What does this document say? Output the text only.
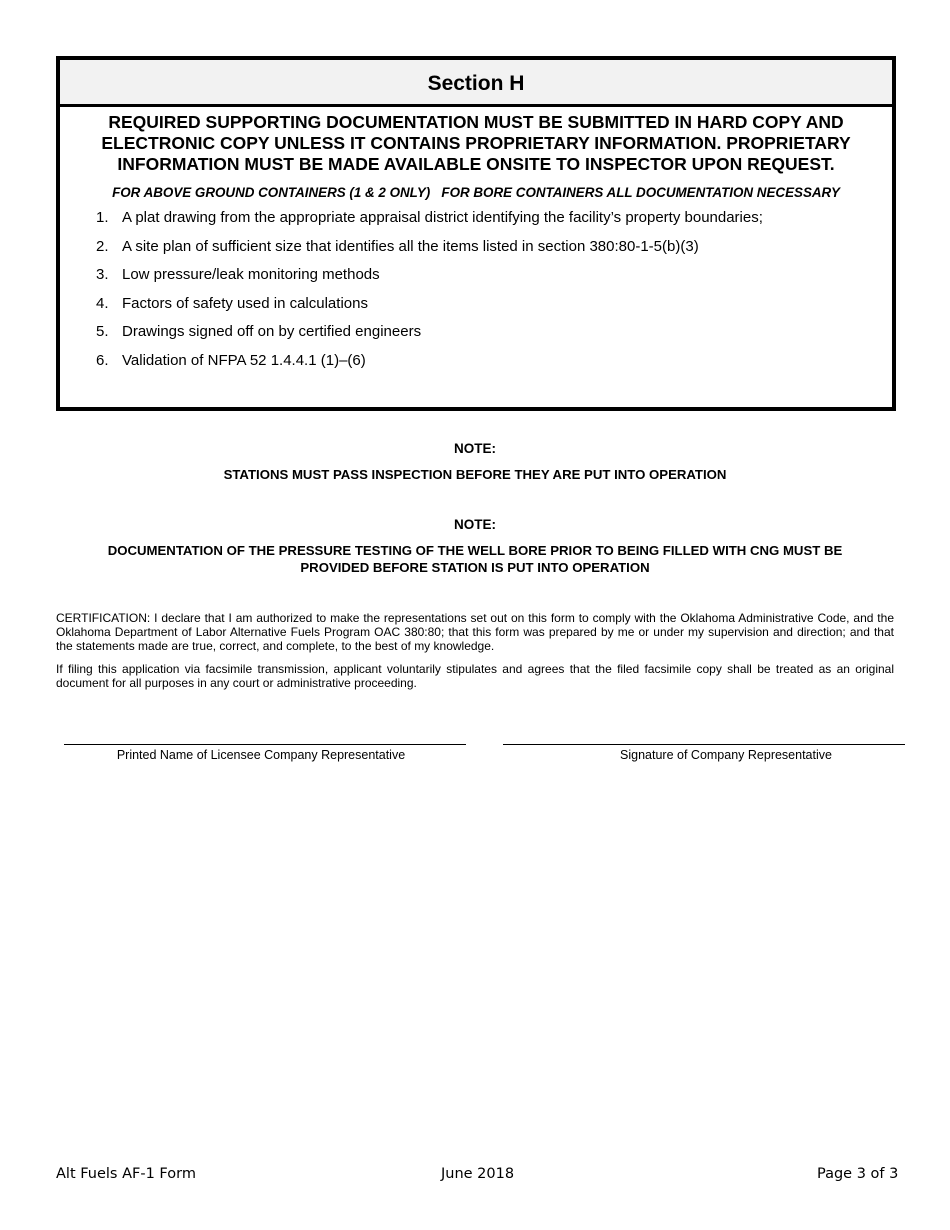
Section H
REQUIRED SUPPORTING DOCUMENTATION MUST BE SUBMITTED IN HARD COPY AND ELECTRONIC COPY UNLESS IT CONTAINS PROPRIETARY INFORMATION. PROPRIETARY INFORMATION MUST BE MADE AVAILABLE ONSITE TO INSPECTOR UPON REQUEST.
FOR ABOVE GROUND CONTAINERS (1 & 2 ONLY)   FOR BORE CONTAINERS ALL DOCUMENTATION NECESSARY
1. A plat drawing from the appropriate appraisal district identifying the facility’s property boundaries;
2. A site plan of sufficient size that identifies all the items listed in section 380:80-1-5(b)(3)
3. Low pressure/leak monitoring methods
4. Factors of safety used in calculations
5. Drawings signed off on by certified engineers
6. Validation of NFPA 52 1.4.4.1 (1)–(6)
NOTE:
STATIONS MUST PASS INSPECTION BEFORE THEY ARE PUT INTO OPERATION
NOTE:
DOCUMENTATION OF THE PRESSURE TESTING OF THE WELL BORE PRIOR TO BEING FILLED WITH CNG MUST BE PROVIDED BEFORE STATION IS PUT INTO OPERATION
CERTIFICATION: I declare that I am authorized to make the representations set out on this form to comply with the Oklahoma Administrative Code, and the Oklahoma Department of Labor Alternative Fuels Program OAC 380:80; that this form was prepared by me or under my supervision and direction; and that the statements made are true, correct, and complete, to the best of my knowledge.
If filing this application via facsimile transmission, applicant voluntarily stipulates and agrees that the filed facsimile copy shall be treated as an original document for all purposes in any court or administrative proceeding.
Printed Name of Licensee Company Representative	Signature of Company Representative
Alt Fuels AF-1 Form	June 2018	Page 3 of 3
